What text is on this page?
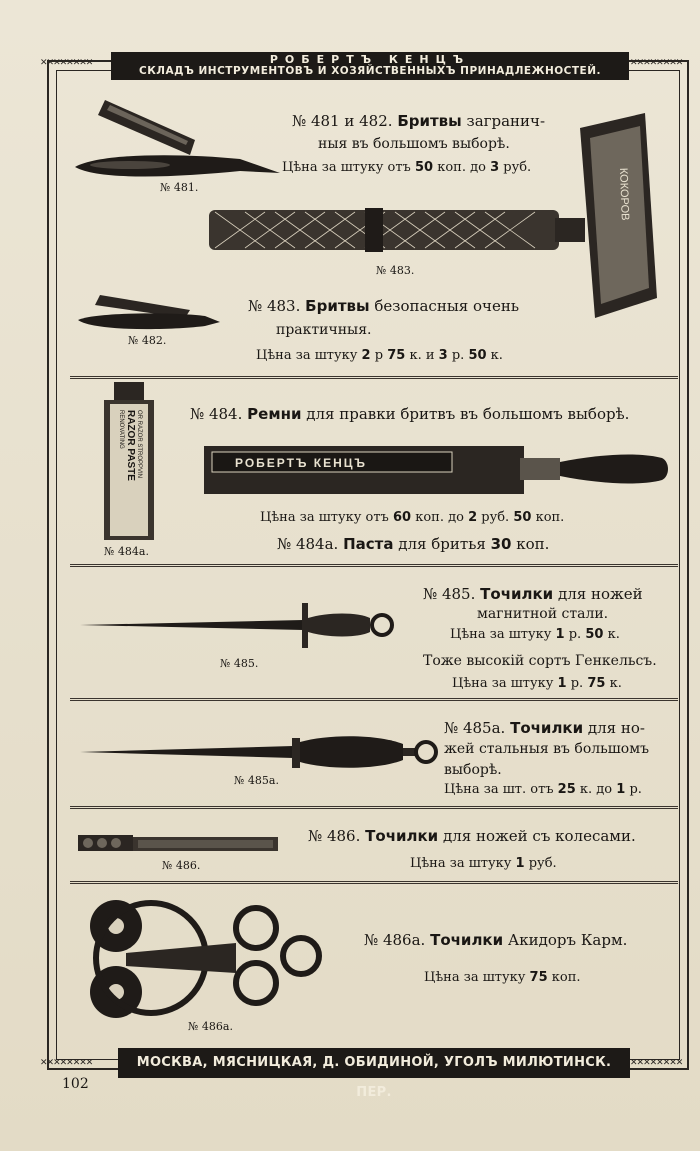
✕✕✕✕✕✕✕✕	✕✕✕✕✕✕✕✕
✕✕✕✕✕✕✕✕	✕✕✕✕✕✕✕✕
РОБЕРТЪ КЕНЦЪ
СКЛАДЪ ИНСТРУМЕНТОВЪ И ХОЗЯЙСТВЕННЫХЪ ПРИНАДЛЕЖНОСТЕЙ.
№ 481.
№ 481 и 482. Бритвы загранич-
ныя въ большомъ выборѣ.
Цѣна за штуку отъ 50 коп. до 3 руб.
КОКОРОВ
№ 483.
№ 482.
№ 483. Бритвы безопасныя очень
практичныя.
Цѣна за штуку 2 р 75 к. и 3 р. 50 к.
RENOVATING RAZOR PASTE OR RAZOR STROPPVIN
№ 484а.
№ 484. Ремни для правки бритвъ въ большомъ выборѣ.
РОБЕРТЪ КЕНЦЪ
Цѣна за штуку отъ 60 коп. до 2 руб. 50 коп.
№ 484а. Паста для бритья 30 коп.
№ 485.
№ 485. Точилки для ножей
магнитной стали.
Цѣна за штуку 1 р. 50 к.
Тоже высокій сортъ Генкельсъ.
Цѣна за штуку 1 р. 75 к.
№ 485а.
№ 485а. Точилки для но-
жей стальныя въ большомъ
выборѣ.
Цѣна за шт. отъ 25 к. до 1 р.
№ 486.
№ 486. Точилки для ножей съ колесами.
Цѣна за штуку 1 руб.
№ 486а.
№ 486а. Точилки Акидоръ Карм.
Цѣна за штуку 75 коп.
МОСКВА, МЯСНИЦКАЯ, Д. ОБИДИНОЙ, УГОЛЪ МИЛЮТИНСК. ПЕР.
102
